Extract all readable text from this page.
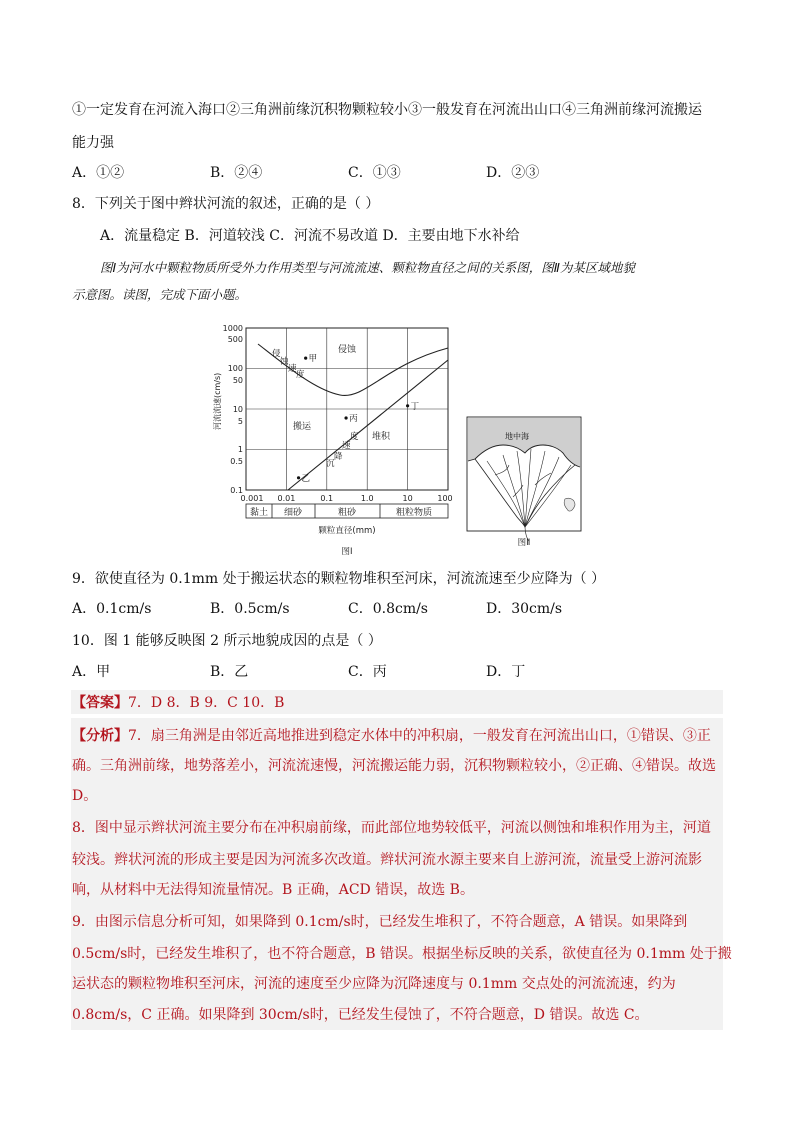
①一定发育在河流入海口②三角洲前缘沉积物颗粒较小③一般发育在河流出山口④三角洲前缘河流搬运
能力强
A．①②	B．②④	C．①③	D．②③
8．下列关于图中辫状河流的叙述，正确的是（ ）
A．流量稳定 B．河道较浅 C．河流不易改道 D．主要由地下水补给
图Ⅰ为河水中颗粒物质所受外力作用类型与河流流速、颗粒物直径之间的关系图，图Ⅱ为某区域地貌
示意图。读图，完成下面小题。
1000
500
100
50
10
5
1
0.5
0.1
河流流速(cm/s)
0.001 0.01	0.1	1.0	10	100
黏土 细砂	粗砂	粗粒物质
颗粒直径(mm)
图Ⅰ
侵蚀
搬运
堆积
侵
蚀
速
度
沉
降
速
度
甲
乙
丙
丁
地中海
图Ⅱ
9．欲使直径为 0.1mm 处于搬运状态的颗粒物堆积至河床，河流流速至少应降为（ ）
A．0.1cm/s	B．0.5cm/s	C．0.8cm/s	D．30cm/s
10．图 1 能够反映图 2 所示地貌成因的点是（ ）
A．甲	B．乙	C．丙	D．丁
【答案】7．D 8．B 9．C 10．B
【分析】7．扇三角洲是由邻近高地推进到稳定水体中的冲积扇，一般发育在河流出山口，①错误、③正
确。三角洲前缘，地势落差小，河流流速慢，河流搬运能力弱，沉积物颗粒较小，②正确、④错误。故选
D。
8．图中显示辫状河流主要分布在冲积扇前缘，而此部位地势较低平，河流以侧蚀和堆积作用为主，河道
较浅。辫状河流的形成主要是因为河流多次改道。辫状河流水源主要来自上游河流，流量受上游河流影
响，从材料中无法得知流量情况。B 正确，ACD 错误，故选 B。
9．由图示信息分析可知，如果降到 0.1cm/s时，已经发生堆积了，不符合题意，A 错误。如果降到
0.5cm/s时，已经发生堆积了，也不符合题意，B 错误。根据坐标反映的关系，欲使直径为 0.1mm 处于搬
运状态的颗粒物堆积至河床，河流的速度至少应降为沉降速度与 0.1mm 交点处的河流流速，约为
0.8cm/s，C 正确。如果降到 30cm/s时，已经发生侵蚀了，不符合题意，D 错误。故选 C。
